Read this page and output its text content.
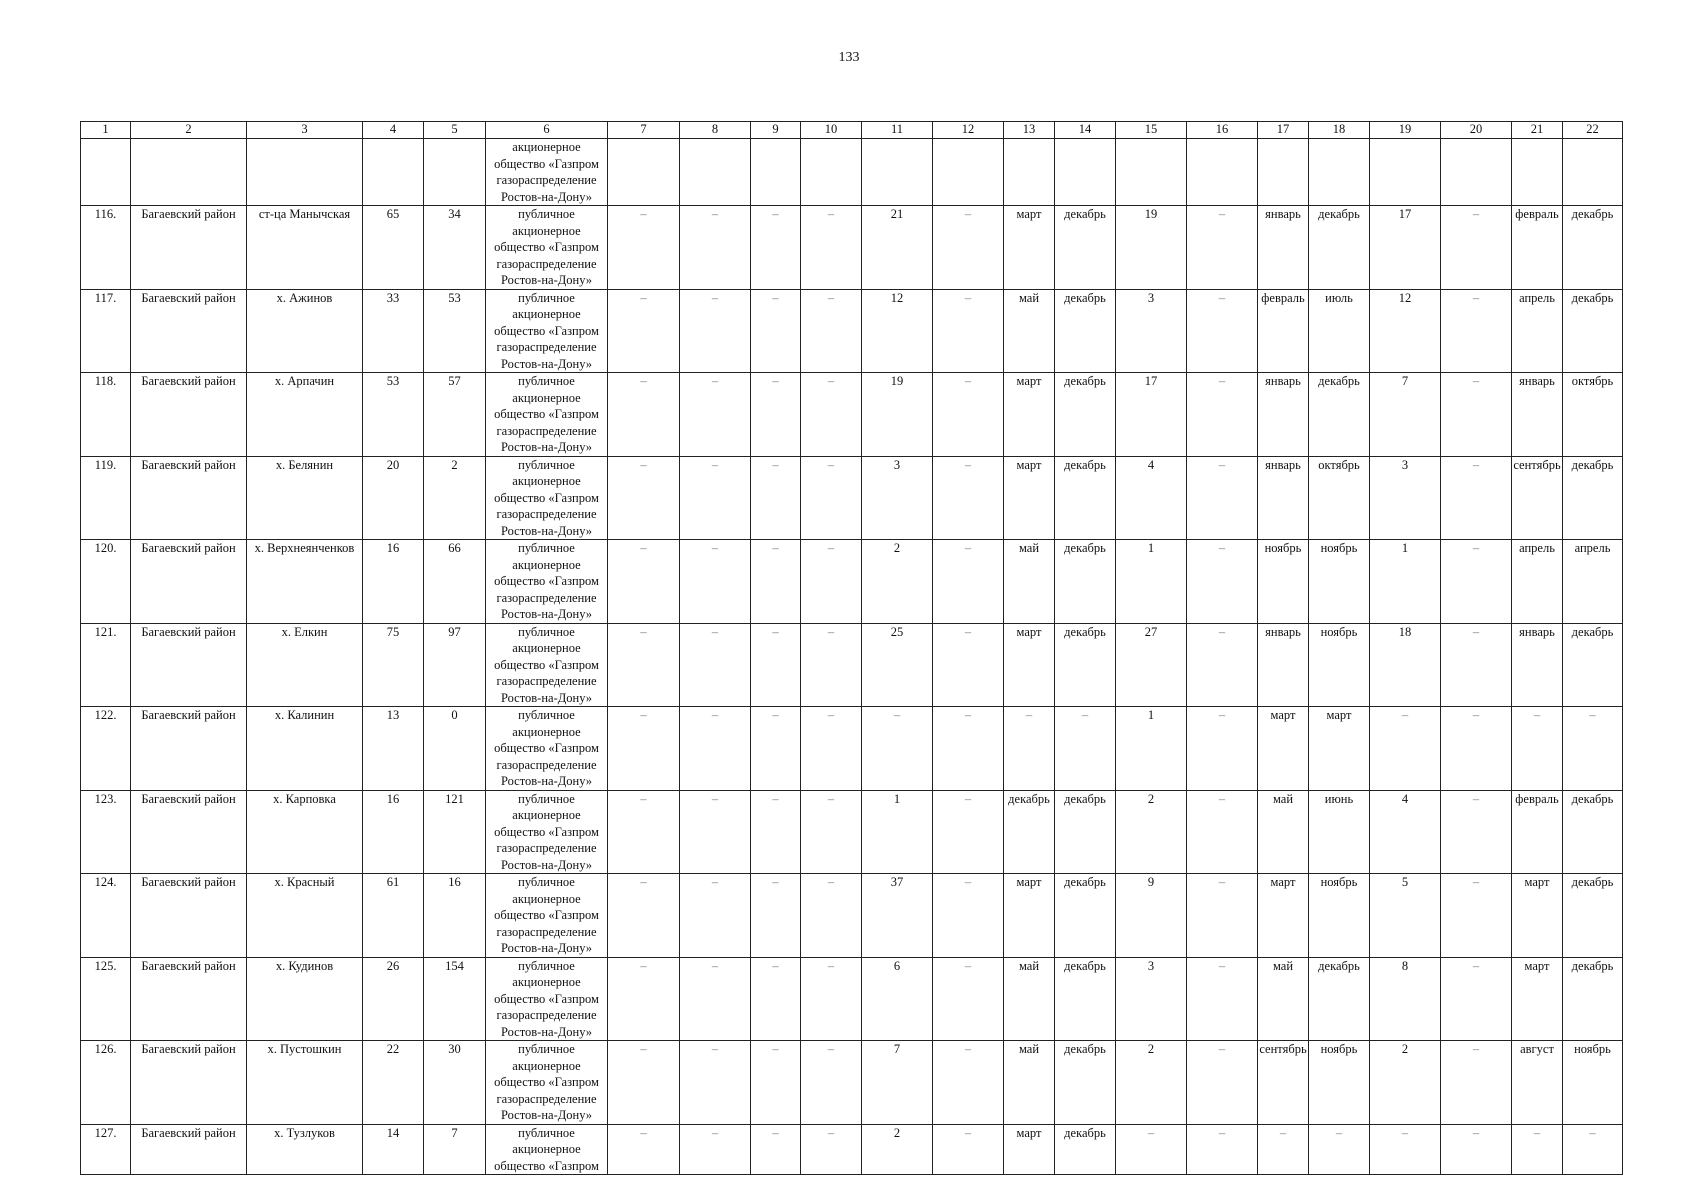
133
1	2	3	4	5	6	7	8	9	10	11	12	13	14	15	16	17	18	19	20	21	22
					акционерное общество «Газпром газораспределение Ростов-на-Дону»																
116.	Багаевский район	ст-ца Манычская	65	34	публичное акционерное общество «Газпром газораспределение Ростов-на-Дону»	–	–	–	–	21	–	март	декабрь	19	–	январь	декабрь	17	–	февраль	декабрь
117.	Багаевский район	х. Ажинов	33	53	публичное акционерное общество «Газпром газораспределение Ростов-на-Дону»	–	–	–	–	12	–	май	декабрь	3	–	февраль	июль	12	–	апрель	декабрь
118.	Багаевский район	х. Арпачин	53	57	публичное акционерное общество «Газпром газораспределение Ростов-на-Дону»	–	–	–	–	19	–	март	декабрь	17	–	январь	декабрь	7	–	январь	октябрь
119.	Багаевский район	х. Белянин	20	2	публичное акционерное общество «Газпром газораспределение Ростов-на-Дону»	–	–	–	–	3	–	март	декабрь	4	–	январь	октябрь	3	–	сентябрь	декабрь
120.	Багаевский район	х. Верхнеянченков	16	66	публичное акционерное общество «Газпром газораспределение Ростов-на-Дону»	–	–	–	–	2	–	май	декабрь	1	–	ноябрь	ноябрь	1	–	апрель	апрель
121.	Багаевский район	х. Елкин	75	97	публичное акционерное общество «Газпром газораспределение Ростов-на-Дону»	–	–	–	–	25	–	март	декабрь	27	–	январь	ноябрь	18	–	январь	декабрь
122.	Багаевский район	х. Калинин	13	0	публичное акционерное общество «Газпром газораспределение Ростов-на-Дону»	–	–	–	–	–	–	–	–	1	–	март	март	–	–	–	–
123.	Багаевский район	х. Карповка	16	121	публичное акционерное общество «Газпром газораспределение Ростов-на-Дону»	–	–	–	–	1	–	декабрь	декабрь	2	–	май	июнь	4	–	февраль	декабрь
124.	Багаевский район	х. Красный	61	16	публичное акционерное общество «Газпром газораспределение Ростов-на-Дону»	–	–	–	–	37	–	март	декабрь	9	–	март	ноябрь	5	–	март	декабрь
125.	Багаевский район	х. Кудинов	26	154	публичное акционерное общество «Газпром газораспределение Ростов-на-Дону»	–	–	–	–	6	–	май	декабрь	3	–	май	декабрь	8	–	март	декабрь
126.	Багаевский район	х. Пустошкин	22	30	публичное акционерное общество «Газпром газораспределение Ростов-на-Дону»	–	–	–	–	7	–	май	декабрь	2	–	сентябрь	ноябрь	2	–	август	ноябрь
127.	Багаевский район	х. Тузлуков	14	7	публичное акционерное общество «Газпром	–	–	–	–	2	–	март	декабрь	–	–	–	–	–	–	–	–
